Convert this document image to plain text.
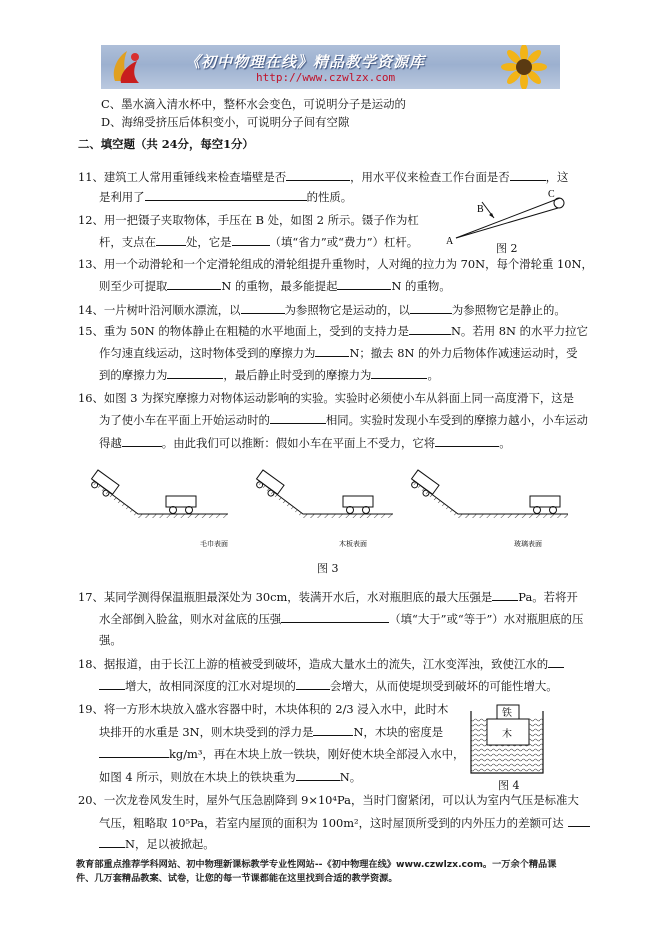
《初中物理在线》精品教学资源库
http://www.czwlzx.com
C、墨水滴入清水杯中，整杯水会变色，可说明分子是运动的
D、海绵受挤压后体积变小，可说明分子间有空隙
二、填空题（共 24分，每空1分）
11、建筑工人常用重锤线来检查墙壁是否	，用水平仪来检查工作台面是否	，这
是利用了	的性质。
12、用一把镊子夹取物体，手压在 B 处，如图 2 所示。镊子作为杠
杆，支点在	处，它是	（填“省力”或“费力”）杠杆。
B
C
A
图 2
13、用一个动滑轮和一个定滑轮组成的滑轮组提升重物时，人对绳的拉力为 70N，每个滑轮重 10N，
则至少可提取	N 的重物，最多能提起	N 的重物。
14、一片树叶沿河顺水漂流，以	为参照物它是运动的，以	为参照物它是静止的。
15、重为 50N 的物体静止在粗糙的水平地面上，受到的支持力是	N。若用 8N 的水平力拉它
作匀速直线运动，这时物体受到的摩擦力为	N；撤去 8N 的外力后物体作减速运动时，受
到的摩擦力为	，最后静止时受到的摩擦力为	。
16、如图 3 为探究摩擦力对物体运动影响的实验。实验时必须使小车从斜面上同一高度滑下，这是
为了使小车在平面上开始运动时的	相同。实验时发现小车受到的摩擦力越小，小车运动
得越	。由此我们可以推断：假如小车在平面上不受力，它将	。
毛巾表面	木板表面	玻璃表面
图 3
17、某同学测得保温瓶胆最深处为 30cm，装满开水后，水对瓶胆底的最大压强是 Pa。若将开
水全部倒入脸盆，则水对盆底的压强	（填“大于”或“等于”）水对瓶胆底的压
强。
18、据报道，由于长江上游的植被受到破坏，造成大量水土的流失，江水变浑浊，致使江水的
增大，故相同深度的江水对堤坝的	会增大，从而使堤坝受到破坏的可能性增大。
19、将一方形木块放入盛水容器中时，木块体积的 2/3 浸入水中，此时木
块排开的水重是 3N，则木块受到的浮力是	N，木块的密度是
kg/m³，再在木块上放一铁块，刚好使木块全部浸入水中，
如图 4 所示，则放在木块上的铁块重为	N。
铁
木
图 4
20、一次龙卷风发生时，屋外气压急剧降到 9×10⁴Pa，当时门窗紧闭，可以认为室内气压是标准大
气压，粗略取 10⁵Pa，若室内屋顶的面积为 100m²，这时屋顶所受到的内外压力的差额可达
N，足以被掀起。
教育部重点推荐学科网站、初中物理新课标教学专业性网站--《初中物理在线》www.czwlzx.com。一万余个精品课
件、几万套精品教案、试卷，让您的每一节课都能在这里找到合适的教学资源。
